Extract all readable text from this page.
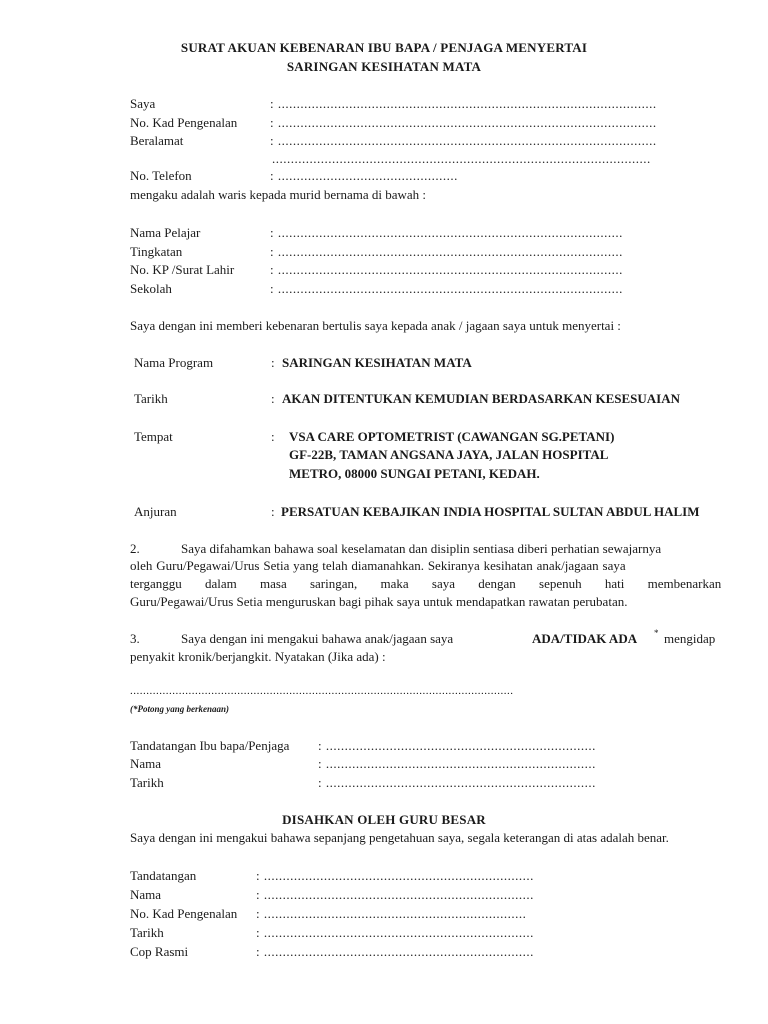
SURAT AKUAN KEBENARAN IBU BAPA / PENJAGA MENYERTAI
SARINGAN KESIHATAN MATA
Saya	: .....................................................................................................
No. Kad Pengenalan	: .....................................................................................................
Beralamat	: .....................................................................................................
.....................................................................................................
No. Telefon	: ................................................
mengaku adalah waris kepada murid bernama di bawah :
Nama Pelajar	: ............................................................................................
Tingkatan	: ............................................................................................
No. KP /Surat Lahir	: ............................................................................................
Sekolah	: ............................................................................................
Saya dengan ini memberi kebenaran bertulis saya kepada anak / jagaan saya untuk menyertai :
Nama Program	: SARINGAN KESIHATAN MATA
Tarikh	: AKAN DITENTUKAN KEMUDIAN BERDASARKAN KESESUAIAN
Tempat	: VSA CARE OPTOMETRIST (CAWANGAN SG.PETANI)
GF-22B, TAMAN ANGSANA JAYA, JALAN HOSPITAL
METRO, 08000 SUNGAI PETANI, KEDAH.
Anjuran	: PERSATUAN KEBAJIKAN INDIA HOSPITAL SULTAN ABDUL HALIM
2.	Saya difahamkan bahawa soal keselamatan dan disiplin sentiasa diberi perhatian sewajarnya
oleh Guru/Pegawai/Urus Setia yang telah diamanahkan. Sekiranya kesihatan anak/jagaan saya
terganggu dalam masa saringan, maka saya dengan sepenuh hati membenarkan
Guru/Pegawai/Urus Setia menguruskan bagi pihak saya untuk mendapatkan rawatan perubatan.
3.	Saya dengan ini mengakui bahawa anak/jagaan saya	ADA/TIDAK ADA * mengidap
penyakit kronik/berjangkit. Nyatakan (Jika ada) :
......................................................................................................................
(*Potong yang berkenaan)
Tandatangan Ibu bapa/Penjaga : ........................................................................
Nama	: ........................................................................
Tarikh	: ........................................................................
DISAHKAN OLEH GURU BESAR
Saya dengan ini mengakui bahawa sepanjang pengetahuan saya, segala keterangan di atas adalah benar.
Tandatangan	: ........................................................................
Nama	: ........................................................................
No. Kad Pengenalan : ......................................................................
Tarikh	: ........................................................................
Cop Rasmi	: ........................................................................
